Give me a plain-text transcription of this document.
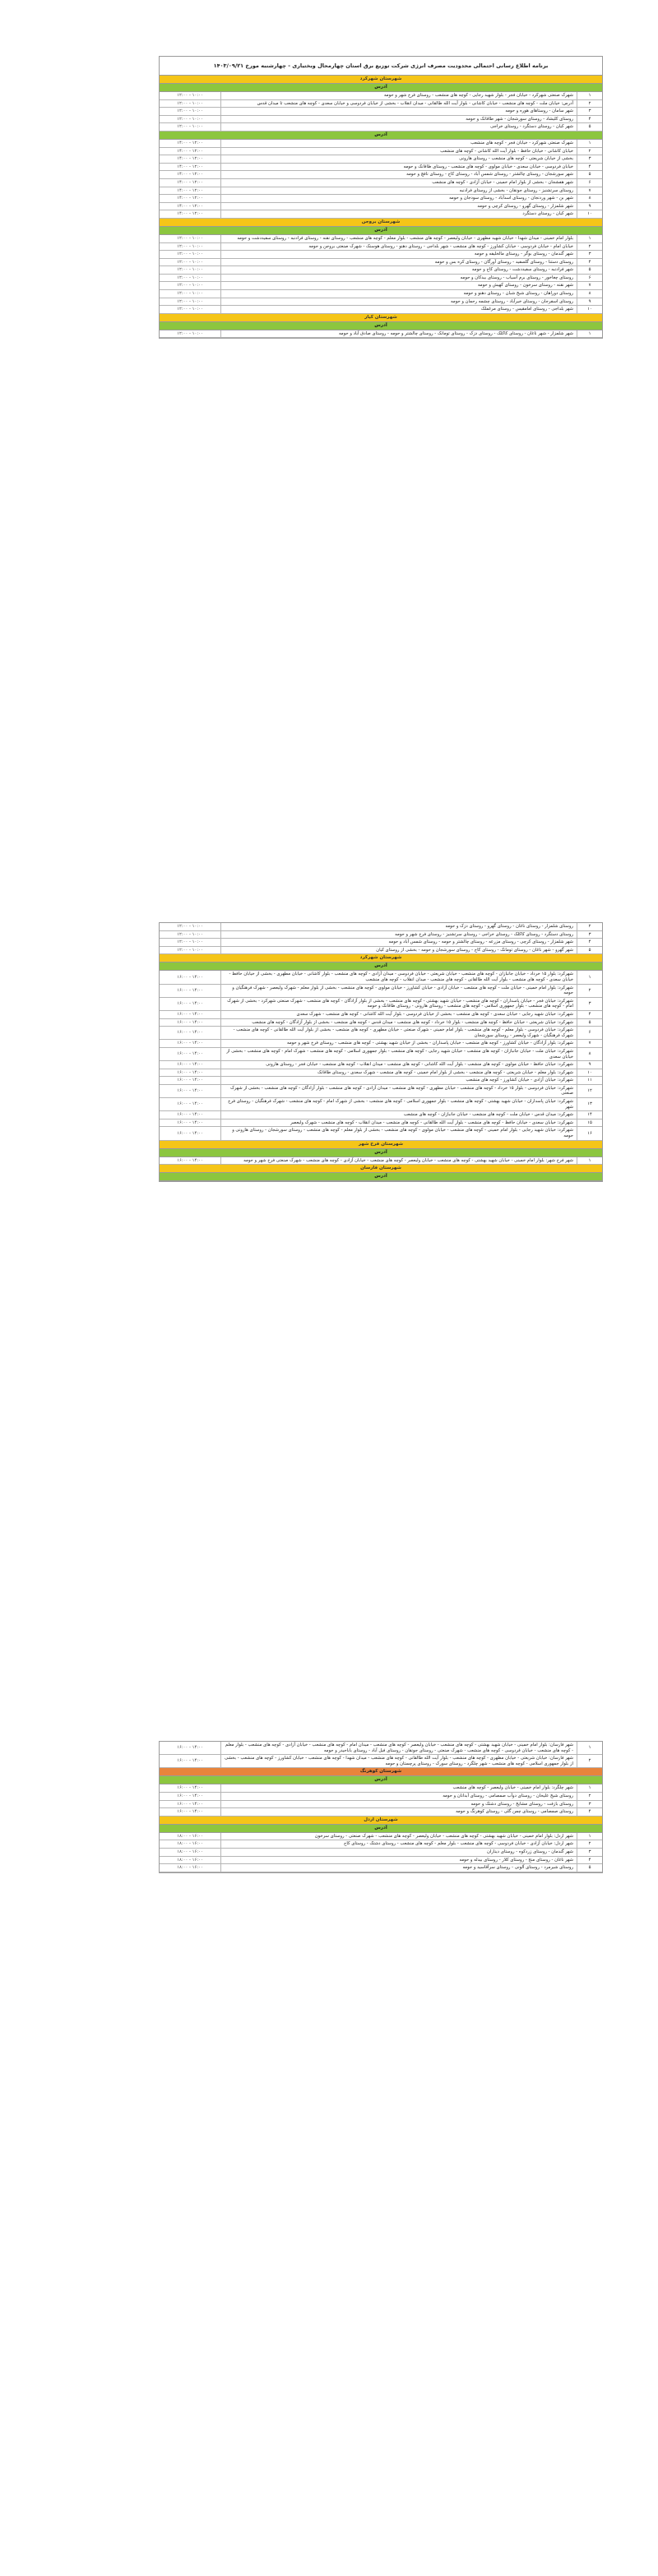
برنامه اطلاع رسانی احتمالی محدودیت مصرف انرژی شرکت توزیع برق استان چهارمحال وبختیاری - چهارشنبه مورخ ۱۴۰۳/۰۹/۲۱
شهرستان شهرکرد
آدرس
۱	شهرک صنعتی شهرکرد - خیابان فجر - بلوار شهید رجایی - کوچه های منشعب - روستای فرخ شهر و حومه	۱۰:۰۰ - ۱۲:۰۰
۲	آدرس: خیابان ملت - کوچه های منشعب - خیابان کاشانی - بلوار آیت الله طالقانی - میدان انقلاب - بخشی از خیابان فردوسی و خیابان سعدی - کوچه های منشعب تا میدان قدس	۱۰:۰۰ - ۱۲:۰۰
۳	شهر سامان - روستاهای هوره و حومه	۱۰:۰۰ - ۱۲:۰۰
۴	روستای کلیشاد - روستای سورشجان - شهر طاقانک و حومه	۱۰:۰۰ - ۱۲:۰۰
۵	شهر کیان - روستای دستگرد - روستای خراجی	۱۰:۰۰ - ۱۲:۰۰
آدرس
۱	شهرک صنعتی شهرکرد - خیابان فجر - کوچه های منشعب	۱۲:۰۰ - ۱۴:۰۰
۲	خیابان کاشانی - خیابان حافظ - بلوار آیت الله کاشانی - کوچه های منشعب	۱۲:۰۰ - ۱۴:۰۰
۳	بخشی از خیابان شریعتی - کوچه های منشعب - روستای هارونی	۱۲:۰۰ - ۱۴:۰۰
۴	خیابان فردوسی - خیابان سعدی - خیابان مولوی - کوچه های منشعب - روستای طاقانک و حومه	۱۲:۰۰ - ۱۴:۰۰
۵	شهر سورشجان - روستای چالشتر - روستای شمس آباد - روستای کاج - روستای نافچ و حومه	۱۲:۰۰ - ۱۴:۰۰
۶	شهر هفشجان - بخشی از بلوار امام خمینی - خیابان آزادی - کوچه های منشعب	۱۲:۰۰ - ۱۴:۰۰
۷	روستای سرتشنیز - روستای جونقان - بخشی از روستای فرادنبه	۱۲:۰۰ - ۱۴:۰۰
۸	شهر بن - شهر وردنجان - روستای اسدآباد - روستای سودجان و حومه	۱۲:۰۰ - ۱۴:۰۰
۹	شهر شلمزار - روستای گهرو - روستای کرچی و حومه	۱۲:۰۰ - ۱۴:۰۰
۱۰	شهر کیان - روستای دستگرد	۱۲:۰۰ - ۱۴:۰۰
شهرستان بروجن
آدرس
۱	بلوار امام خمینی - میدان شهدا - خیابان شهید مطهری - خیابان ولیعصر - کوچه های منشعب - بلوار معلم - کوچه های منشعب - روستای نقنه - روستای فرادنبه - روستای سفیددشت و حومه	۱۰:۰۰ - ۱۲:۰۰
۲	خیابان امام - خیابان فردوسی - خیابان کشاورز - کوچه های منشعب - شهر بلداجی - روستای دهنو - روستای هوسنک - شهرک صنعتی بروجن و حومه	۱۰:۰۰ - ۱۲:۰۰
۳	شهر گندمان - روستای بوگر - روستای مالخلیفه و حومه	۱۰:۰۰ - ۱۲:۰۰
۴	روستای دستنا - روستای گلسفید - روستای آورگان - روستای کره بس و حومه	۱۰:۰۰ - ۱۲:۰۰
۵	شهر فرادنبه - روستای سفیددشت - روستای کاج و حومه	۱۰:۰۰ - ۱۲:۰۰
۶	روستای چغاخور - روستای برم آسیاب - روستای بیدکان و حومه	۱۰:۰۰ - ۱۲:۰۰
۷	شهر نقنه - روستای سرخون - روستای کهیش و حومه	۱۰:۰۰ - ۱۲:۰۰
۸	روستای دوراهان - روستای شیخ شبان - روستای دهنو و حومه	۱۰:۰۰ - ۱۲:۰۰
۹	روستای اسفرجان - روستای خیرآباد - روستای چشمه رحمان و حومه	۱۰:۰۰ - ۱۲:۰۰
۱۰	شهر بلداجی - روستای امامقیس - روستای مرغملک	۱۰:۰۰ - ۱۲:۰۰
شهرستان کیار
آدرس
۱	شهر شلمزار - شهر ناغان - روستای کاکلک - روستای دزک - روستای تومانک - روستای چالشتر و حومه - روستای صادق آباد و حومه	۱۰:۰۰ - ۱۲:۰۰
۲	روستای شلمزار - روستای ناغان - روستای گهرو - روستای دزک و حومه	۱۰:۰۰ - ۱۲:۰۰
۳	روستای دستگرد - روستای کاکلک - روستای خراجی - روستای سرتشنیز - روستای فرخ شهر و حومه	۱۰:۰۰ - ۱۲:۰۰
۴	شهر شلمزار - روستای کرچی - روستای مزرعه - روستای چالشتر و حومه - روستای شمس آباد و حومه	۱۰:۰۰ - ۱۲:۰۰
۵	شهر گهرو - شهر ناغان - روستای تومانک - روستای کاج - روستای سورشجان و حومه - بخشی از روستای کیان	۱۰:۰۰ - ۱۲:۰۰
شهرستان شهرکرد
آدرس
۱	شهرکرد: بلوار ۱۵ خرداد - خیابان جانبازان - کوچه های منشعب - خیابان شریعتی - خیابان فردوسی - میدان آزادی - کوچه های منشعب - بلوار کاشانی - خیابان مطهری - بخشی از خیابان حافظ - خیابان سعدی - کوچه های منشعب - بلوار آیت الله طالقانی - کوچه های منشعب - میدان انقلاب - کوچه های منشعب	۱۴:۰۰ - ۱۶:۰۰
۲	شهرکرد: بلوار امام خمینی - خیابان ملت - کوچه های منشعب - خیابان آزادی - خیابان کشاورز - خیابان مولوی - کوچه های منشعب - بخشی از بلوار معلم - شهرک ولیعصر - شهرک فرهنگیان و حومه	۱۴:۰۰ - ۱۶:۰۰
۳	شهرکرد: خیابان فجر - خیابان پاسداران - کوچه های منشعب - خیابان شهید بهشتی - کوچه های منشعب - بخشی از بلوار آزادگان - کوچه های منشعب - شهرک صنعتی شهرکرد - بخشی از شهرک امام - کوچه های منشعب - بلوار جمهوری اسلامی - کوچه های منشعب - روستای هارونی - روستای طاقانک و حومه	۱۴:۰۰ - ۱۶:۰۰
۴	شهرکرد: خیابان شهید رجایی - خیابان سعدی - کوچه های منشعب - بخشی از خیابان فردوسی - بلوار آیت الله کاشانی - کوچه های منشعب - شهرک سعدی	۱۴:۰۰ - ۱۶:۰۰
۵	شهرکرد: خیابان شریعتی - خیابان حافظ - کوچه های منشعب - بلوار ۱۵ خرداد - کوچه های منشعب - میدان قدس - کوچه های منشعب - بخشی از بلوار آزادگان - کوچه های منشعب	۱۴:۰۰ - ۱۶:۰۰
۶	شهرکرد: خیابان فردوسی - بلوار معلم - کوچه های منشعب - بلوار امام خمینی - شهرک صنعتی - خیابان مطهری - کوچه های منشعب - بخشی از بلوار آیت الله طالقانی - کوچه های منشعب - شهرک فرهنگیان - شهرک ولیعصر - روستای سورشجان	۱۴:۰۰ - ۱۶:۰۰
۷	شهرکرد: بلوار آزادگان - خیابان کشاورز - کوچه های منشعب - خیابان پاسداران - بخشی از خیابان شهید بهشتی - کوچه های منشعب - روستای فرخ شهر و حومه	۱۴:۰۰ - ۱۶:۰۰
۸	شهرکرد: خیابان ملت - خیابان جانبازان - کوچه های منشعب - خیابان شهید رجایی - کوچه های منشعب - بلوار جمهوری اسلامی - کوچه های منشعب - شهرک امام - کوچه های منشعب - بخشی از خیابان سعدی	۱۴:۰۰ - ۱۶:۰۰
۹	شهرکرد: خیابان حافظ - خیابان مولوی - کوچه های منشعب - بلوار آیت الله کاشانی - کوچه های منشعب - میدان انقلاب - کوچه های منشعب - خیابان فجر - روستای هارونی	۱۴:۰۰ - ۱۶:۰۰
۱۰	شهرکرد: بلوار معلم - خیابان شریعتی - کوچه های منشعب - بخشی از بلوار امام خمینی - کوچه های منشعب - شهرک سعدی - روستای طاقانک	۱۴:۰۰ - ۱۶:۰۰
۱۱	شهرکرد: خیابان آزادی - خیابان کشاورز - کوچه های منشعب	۱۴:۰۰ - ۱۶:۰۰
۱۲	شهرکرد: خیابان فردوسی - بلوار ۱۵ خرداد - کوچه های منشعب - خیابان مطهری - کوچه های منشعب - میدان آزادی - کوچه های منشعب - بلوار آزادگان - کوچه های منشعب - بخشی از شهرک صنعتی	۱۴:۰۰ - ۱۶:۰۰
۱۳	شهرکرد: خیابان پاسداران - خیابان شهید بهشتی - کوچه های منشعب - بلوار جمهوری اسلامی - کوچه های منشعب - بخشی از شهرک امام - کوچه های منشعب - شهرک فرهنگیان - روستای فرخ شهر	۱۴:۰۰ - ۱۶:۰۰
۱۴	شهرکرد: میدان قدس - خیابان ملت - کوچه های منشعب - خیابان جانبازان - کوچه های منشعب	۱۴:۰۰ - ۱۶:۰۰
۱۵	شهرکرد: خیابان سعدی - خیابان حافظ - کوچه های منشعب - بلوار آیت الله طالقانی - کوچه های منشعب - میدان انقلاب - کوچه های منشعب - شهرک ولیعصر	۱۴:۰۰ - ۱۶:۰۰
۱۶	شهرکرد: خیابان شهید رجایی - بلوار امام خمینی - کوچه های منشعب - خیابان مولوی - کوچه های منشعب - بخشی از بلوار معلم - کوچه های منشعب - روستای سورشجان - روستای هارونی و حومه	۱۴:۰۰ - ۱۶:۰۰
شهرستان فرخ شهر
آدرس
۱	شهر فرخ شهر: بلوار امام خمینی - خیابان شهید بهشتی - کوچه های منشعب - خیابان ولیعصر - کوچه های منشعب - خیابان آزادی - کوچه های منشعب - شهرک صنعتی فرخ شهر و حومه	۱۴:۰۰ - ۱۶:۰۰
شهرستان فارسان
آدرس
۱	شهر فارسان: بلوار امام خمینی - خیابان شهید بهشتی - کوچه های منشعب - خیابان ولیعصر - کوچه های منشعب - میدان امام - کوچه های منشعب - خیابان آزادی - کوچه های منشعب - بلوار معلم - کوچه های منشعب - خیابان فردوسی - کوچه های منشعب - شهرک صنعتی - روستای جونقان - روستای فیل آباد - روستای باباحیدر و حومه	۱۴:۰۰ - ۱۶:۰۰
۲	شهر فارسان: خیابان شریعتی - خیابان مطهری - کوچه های منشعب - بلوار آیت الله طالقانی - کوچه های منشعب - میدان شهدا - کوچه های منشعب - خیابان کشاورز - کوچه های منشعب - بخشی از بلوار جمهوری اسلامی - کوچه های منشعب - شهر چلگرد - روستای سورک - روستای پرچستان و حومه	۱۴:۰۰ - ۱۶:۰۰
شهرستان کوهرنگ
آدرس
۱	شهر چلگرد: بلوار امام خمینی - خیابان ولیعصر - کوچه های منشعب	۱۴:۰۰ - ۱۶:۰۰
۲	روستای شیخ علیخان - روستای دوآب صمصامی - روستای آبدانان و حومه	۱۴:۰۰ - ۱۶:۰۰
۳	روستای بازفت - روستای مشایخ - روستای دشتک و حومه	۱۴:۰۰ - ۱۶:۰۰
۴	روستای صمصامی - روستای چمن گلی - روستای کوهرنگ و حومه	۱۴:۰۰ - ۱۶:۰۰
شهرستان اردل
آدرس
۱	شهر اردل: بلوار امام خمینی - خیابان شهید بهشتی - کوچه های منشعب - خیابان ولیعصر - کوچه های منشعب - شهرک صنعتی - روستای سرخون	۱۶:۰۰ - ۱۸:۰۰
۲	شهر اردل: خیابان آزادی - خیابان فردوسی - کوچه های منشعب - بلوار معلم - کوچه های منشعب - روستای دشتک - روستای کاج	۱۶:۰۰ - ۱۸:۰۰
۳	شهر گندمان - روستای زردکوه - روستای دیناران	۱۶:۰۰ - ۱۸:۰۰
۴	شهر ناغان - روستای منج - روستای کلار - روستای بیدله و حومه	۱۶:۰۰ - ۱۸:۰۰
۵	روستای شیرمرد - روستای آلونی - روستای سرآقاسید و حومه	۱۶:۰۰ - ۱۸:۰۰
